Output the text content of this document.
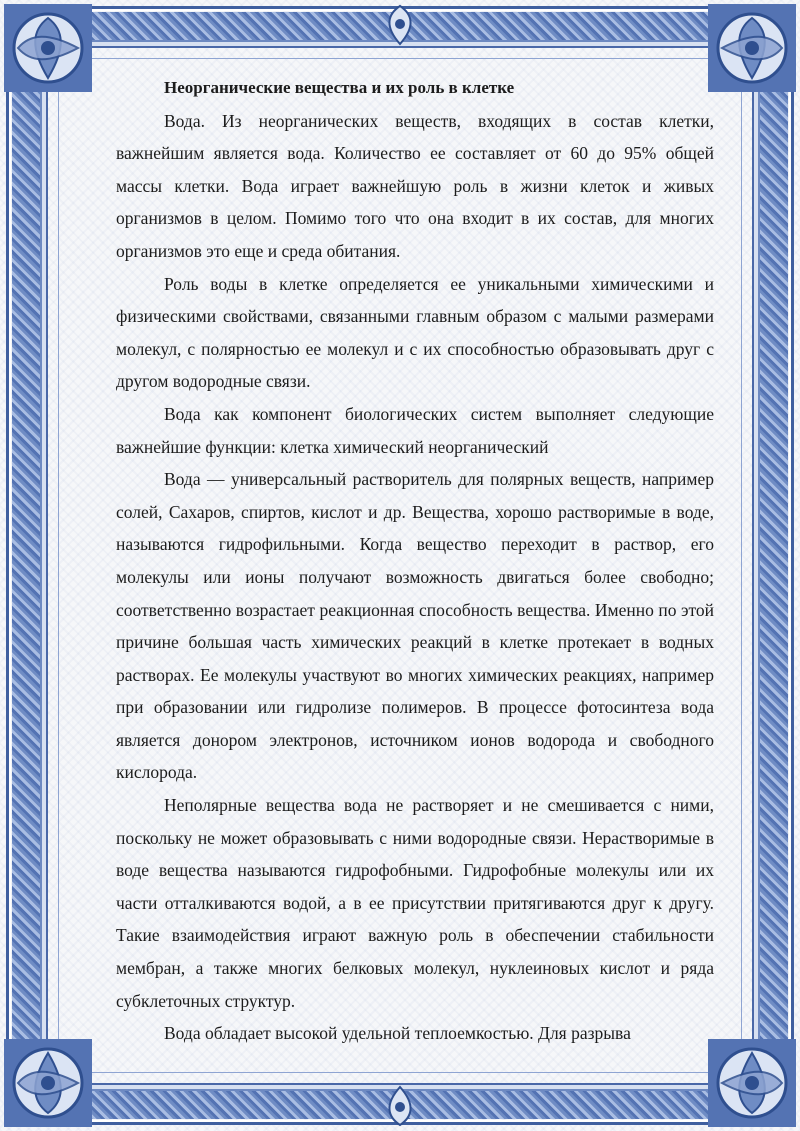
Неорганические вещества и их роль в клетке

Вода. Из неорганических веществ, входящих в состав клетки, важнейшим является вода. Количество ее составляет от 60 до 95% общей массы клетки. Вода играет важнейшую роль в жизни клеток и живых организмов в целом. Помимо того что она входит в их состав, для многих организмов это еще и среда обитания.

Роль воды в клетке определяется ее уникальными химическими и физическими свойствами, связанными главным образом с малыми размерами молекул, с полярностью ее молекул и с их способностью образовывать друг с другом водородные связи.

Вода как компонент биологических систем выполняет следующие важнейшие функции: клетка химический неорганический

Вода — универсальный растворитель для полярных веществ, например солей, Сахаров, спиртов, кислот и др. Вещества, хорошо растворимые в воде, называются гидрофильными. Когда вещество переходит в раствор, его молекулы или ионы получают возможность двигаться более свободно; соответственно возрастает реакционная способность вещества. Именно по этой причине большая часть химических реакций в клетке протекает в водных растворах. Ее молекулы участвуют во многих химических реакциях, например при образовании или гидролизе полимеров. В процессе фотосинтеза вода является донором электронов, источником ионов водорода и свободного кислорода.

Неполярные вещества вода не растворяет и не смешивается с ними, поскольку не может образовывать с ними водородные связи. Нерастворимые в воде вещества называются гидрофобными. Гидрофобные молекулы или их части отталкиваются водой, а в ее присутствии притягиваются друг к другу. Такие взаимодействия играют важную роль в обеспечении стабильности мембран, а также многих белковых молекул, нуклеиновых кислот и ряда субклеточных структур.

Вода обладает высокой удельной теплоемкостью. Для разрыва
